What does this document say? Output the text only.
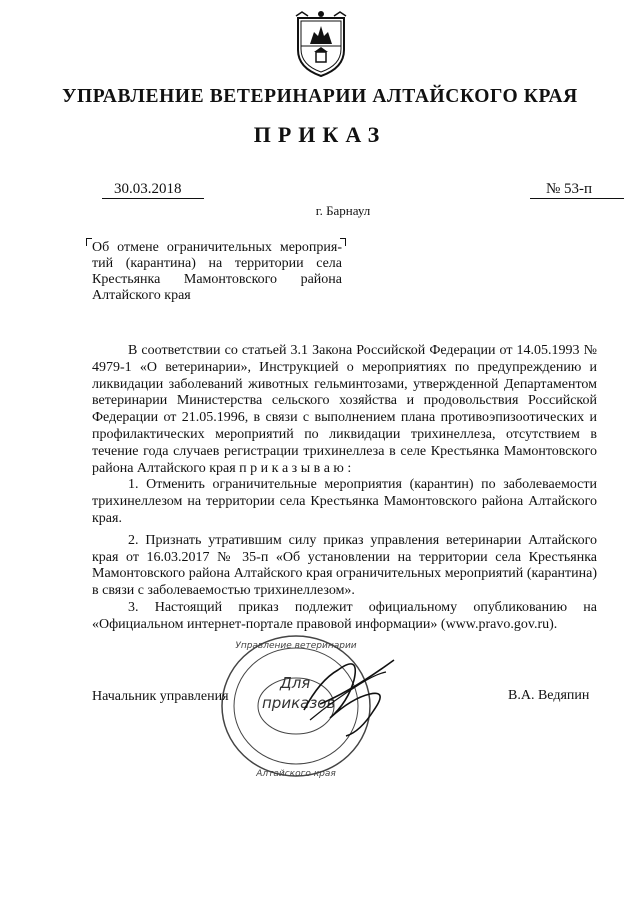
УПРАВЛЕНИЕ ВЕТЕРИНАРИИ АЛТАЙСКОГО КРАЯ
ПРИКАЗ
30.03.2018	№ 53-п
г. Барнаул
Об отмене ограничительных мероприя-тий (карантина) на территории села Крестьянка Мамонтовского района Алтайского края

В соответствии со статьей 3.1 Закона Российской Федерации от 14.05.1993 № 4979-1 «О ветеринарии», Инструкцией о мероприятиях по предупреждению и ликвидации заболеваний животных гельминтозами, утвержденной Департаментом ветеринарии Министерства сельского хозяйства и продовольствия Российской Федерации от 21.05.1996, в связи с выполнением плана противоэпизоотических и профилактических мероприятий по ликвидации трихинеллеза, отсутствием в течение года случаев регистрации трихинеллеза в селе Крестьянка Мамонтовского района Алтайского края п р и к а з ы в а ю :

1. Отменить ограничительные мероприятия (карантин) по заболеваемости трихинеллезом на территории села Крестьянка Мамонтовского района Алтайского края.

2. Признать утратившим силу приказ управления ветеринарии Алтайского края от 16.03.2017 № 35-п «Об установлении на территории села Крестьянка Мамонтовского района Алтайского края ограничительных мероприятий (карантина) в связи с заболеваемостью трихинеллезом».

3. Настоящий приказ подлежит официальному опубликованию на «Официальном интернет-портале правовой информации» (www.pravo.gov.ru).

Управление ветеринарии
Алтайского края
Для
приказов
Начальник управления	В.А. Ведяпин
